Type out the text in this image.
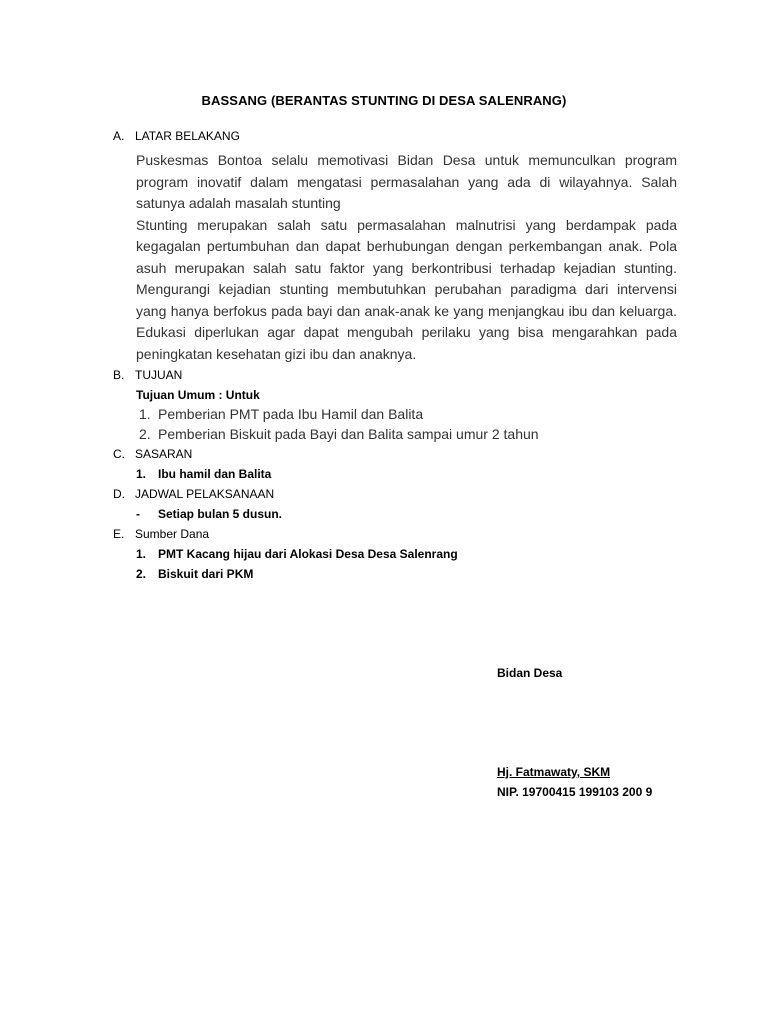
BASSANG (BERANTAS STUNTING DI DESA SALENRANG)
A. LATAR BELAKANG

Puskesmas Bontoa selalu memotivasi Bidan Desa untuk memunculkan program program inovatif dalam mengatasi permasalahan yang ada di wilayahnya. Salah satunya adalah masalah stunting

Stunting merupakan salah satu permasalahan malnutrisi yang berdampak pada kegagalan pertumbuhan dan dapat berhubungan dengan perkembangan anak. Pola asuh merupakan salah satu faktor yang berkontribusi terhadap kejadian stunting. Mengurangi kejadian stunting membutuhkan perubahan paradigma dari intervensi yang hanya berfokus pada bayi dan anak-anak ke yang menjangkau ibu dan keluarga. Edukasi diperlukan agar dapat mengubah perilaku yang bisa mengarahkan pada peningkatan kesehatan gizi ibu dan anaknya.

B. TUJUAN
Tujuan Umum : Untuk
1. Pemberian PMT pada Ibu Hamil dan Balita
2. Pemberian Biskuit pada Bayi dan Balita sampai umur 2 tahun
C. SASARAN
1. Ibu hamil dan Balita
D. JADWAL PELAKSANAAN
- Setiap bulan 5 dusun.
E. Sumber Dana
1. PMT Kacang hijau dari Alokasi Desa Desa Salenrang
2. Biskuit dari PKM
Bidan Desa
Hj. Fatmawaty, SKM
NIP. 19700415 199103 200 9
